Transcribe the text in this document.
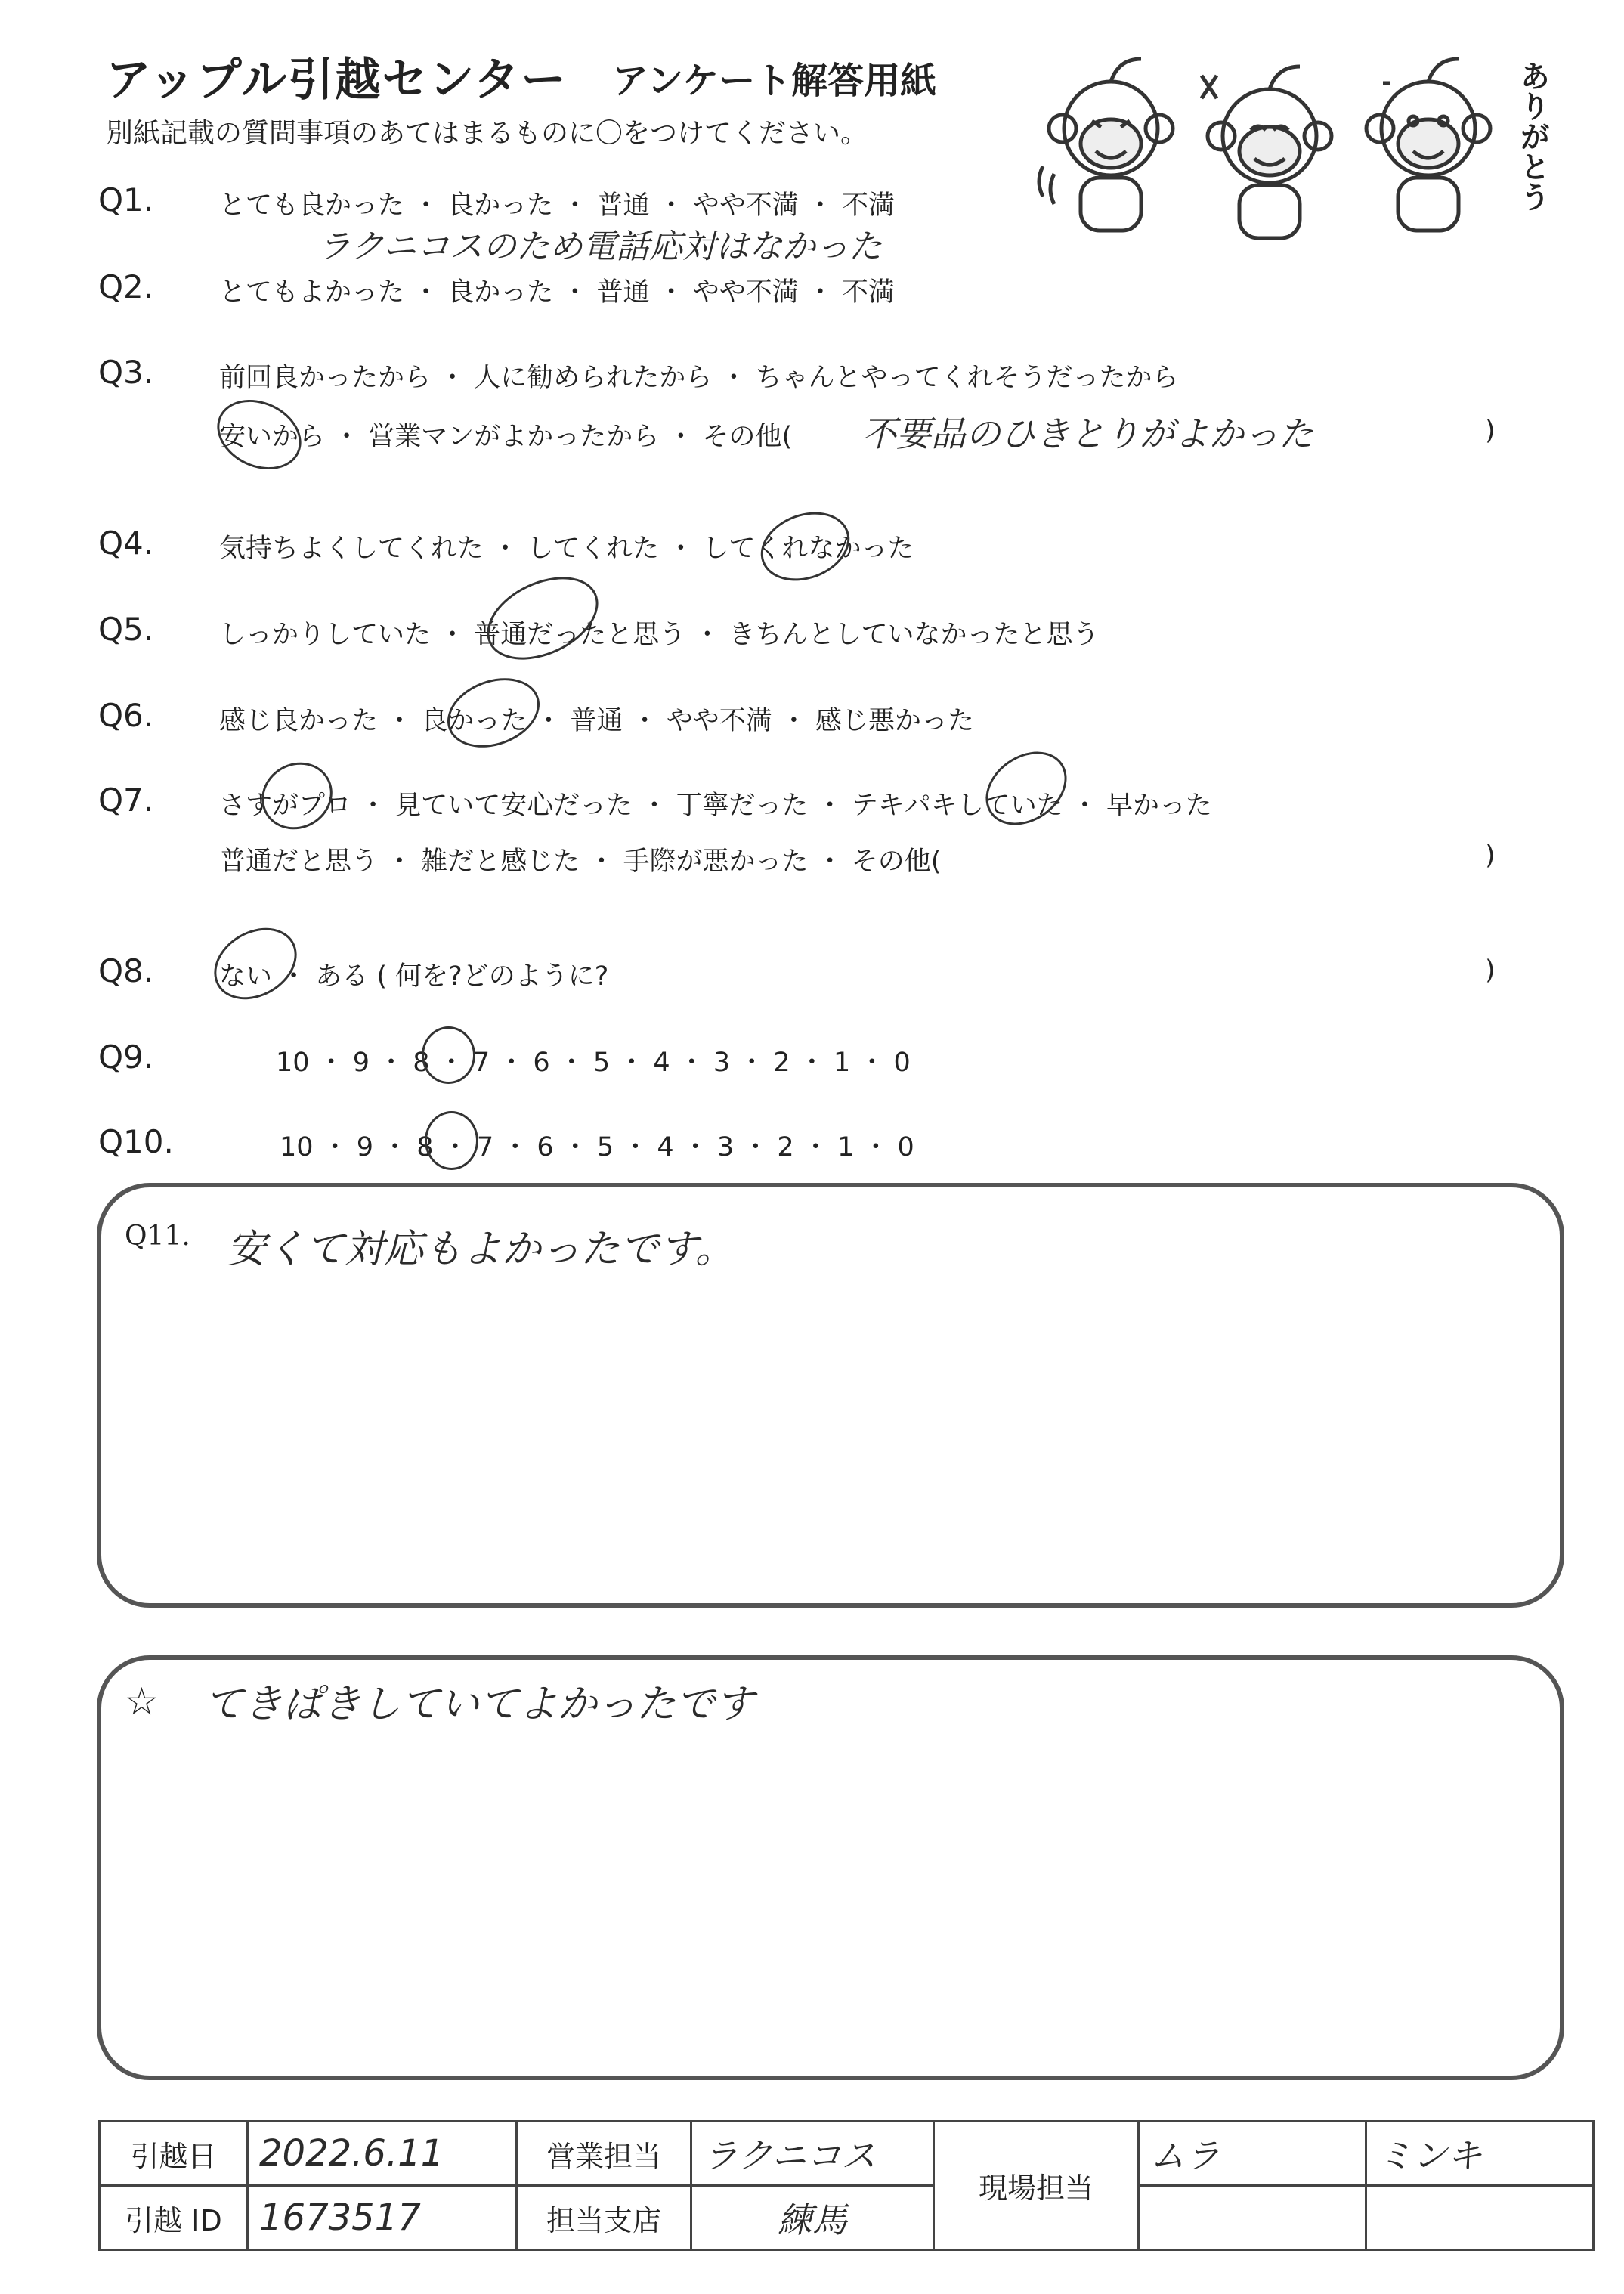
アップル引越センター アンケート解答用紙
別紙記載の質問事項のあてはまるものに〇をつけてください。	ありがとう
Q1. とても良かった ・ 良かった ・ 普通 ・ やや不満 ・ 不満
ラクニコスのため電話応対はなかった
Q2. とてもよかった ・ 良かった ・ 普通 ・ やや不満 ・ 不満
Q3. 前回良かったから ・ 人に勧められたから ・ ちゃんとやってくれそうだったから
安いから ・ 営業マンがよかったから ・ その他( 不要品のひきとりがよかった	)
Q4. 気持ちよくしてくれた ・ してくれた ・ してくれなかった
Q5. しっかりしていた ・ 普通だったと思う ・ きちんとしていなかったと思う
Q6. 感じ良かった ・ 良かった ・ 普通 ・ やや不満 ・ 感じ悪かった
Q7. さすがプロ ・ 見ていて安心だった ・ 丁寧だった ・ テキパキしていた ・ 早かった
普通だと思う ・ 雑だと感じた ・ 手際が悪かった ・ その他(	)
Q8. ない ・ ある ( 何を?どのように?	)
Q9.	10 ・ 9 ・ 8 ・ 7 ・ 6 ・ 5 ・ 4 ・ 3 ・ 2 ・ 1 ・ 0
Q10.	10 ・ 9 ・ 8 ・ 7 ・ 6 ・ 5 ・ 4 ・ 3 ・ 2 ・ 1 ・ 0
Q11. 安くて対応もよかったです。
☆ てきぱきしていてよかったです
引越日	2022.6.11	営業担当	ラクニコス	現場担当	ムラ	ミンキ
引越 ID	1673517	担当支店	練馬			
